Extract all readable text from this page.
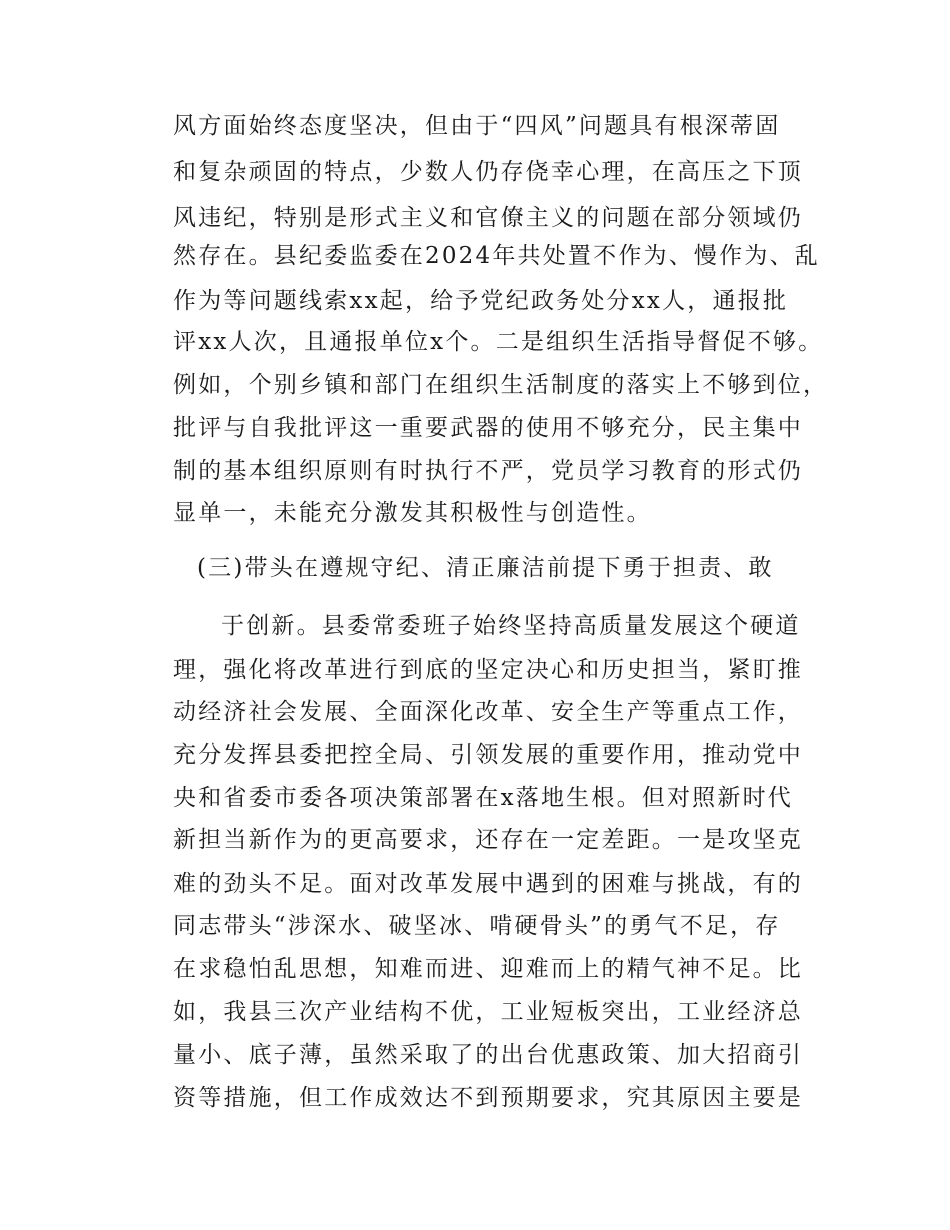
风方面始终态度坚决，但由于“四风”问题具有根深蒂固
和复杂顽固的特点，少数人仍存侥幸心理，在高压之下顶
风违纪，特别是形式主义和官僚主义的问题在部分领域仍
然存在。县纪委监委在2024年共处置不作为、慢作为、乱
作为等问题线索xx起，给予党纪政务处分xx人，通报批
评xx人次，且通报单位x个。二是组织生活指导督促不够。
例如，个别乡镇和部门在组织生活制度的落实上不够到位，
批评与自我批评这一重要武器的使用不够充分，民主集中
制的基本组织原则有时执行不严，党员学习教育的形式仍
显单一，未能充分激发其积极性与创造性。
(三)带头在遵规守纪、清正廉洁前提下勇于担责、敢
于创新。县委常委班子始终坚持高质量发展这个硬道
理，强化将改革进行到底的坚定决心和历史担当，紧盯推
动经济社会发展、全面深化改革、安全生产等重点工作，
充分发挥县委把控全局、引领发展的重要作用，推动党中
央和省委市委各项决策部署在x落地生根。但对照新时代
新担当新作为的更高要求，还存在一定差距。一是攻坚克
难的劲头不足。面对改革发展中遇到的困难与挑战，有的
同志带头“涉深水、破坚冰、啃硬骨头”的勇气不足，存
在求稳怕乱思想，知难而进、迎难而上的精气神不足。比
如，我县三次产业结构不优，工业短板突出，工业经济总
量小、底子薄，虽然采取了的出台优惠政策、加大招商引
资等措施，但工作成效达不到预期要求，究其原因主要是
